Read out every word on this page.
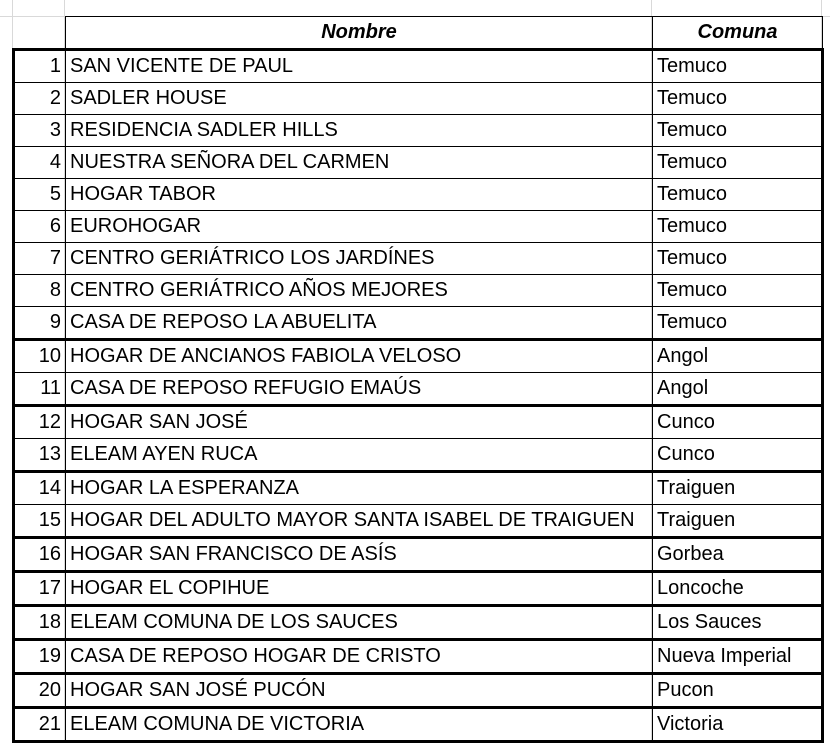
	Nombre	Comuna
1	SAN VICENTE DE PAUL	Temuco
2	SADLER HOUSE	Temuco
3	RESIDENCIA SADLER HILLS	Temuco
4	NUESTRA SEÑORA DEL CARMEN	Temuco
5	HOGAR TABOR	Temuco
6	EUROHOGAR	Temuco
7	CENTRO GERIÁTRICO LOS JARDÍNES	Temuco
8	CENTRO GERIÁTRICO AÑOS MEJORES	Temuco
9	CASA DE REPOSO LA ABUELITA	Temuco
10	HOGAR DE ANCIANOS FABIOLA VELOSO	Angol
11	CASA DE REPOSO REFUGIO EMAÚS	Angol
12	HOGAR SAN JOSÉ	Cunco
13	ELEAM AYEN RUCA	Cunco
14	HOGAR LA ESPERANZA	Traiguen
15	HOGAR DEL ADULTO MAYOR SANTA ISABEL DE TRAIGUEN	Traiguen
16	HOGAR SAN FRANCISCO DE ASÍS	Gorbea
17	HOGAR EL COPIHUE	Loncoche
18	ELEAM COMUNA DE LOS SAUCES	Los Sauces
19	CASA DE REPOSO HOGAR DE CRISTO	Nueva Imperial
20	HOGAR SAN JOSÉ PUCÓN	Pucon
21	ELEAM COMUNA DE VICTORIA	Victoria
